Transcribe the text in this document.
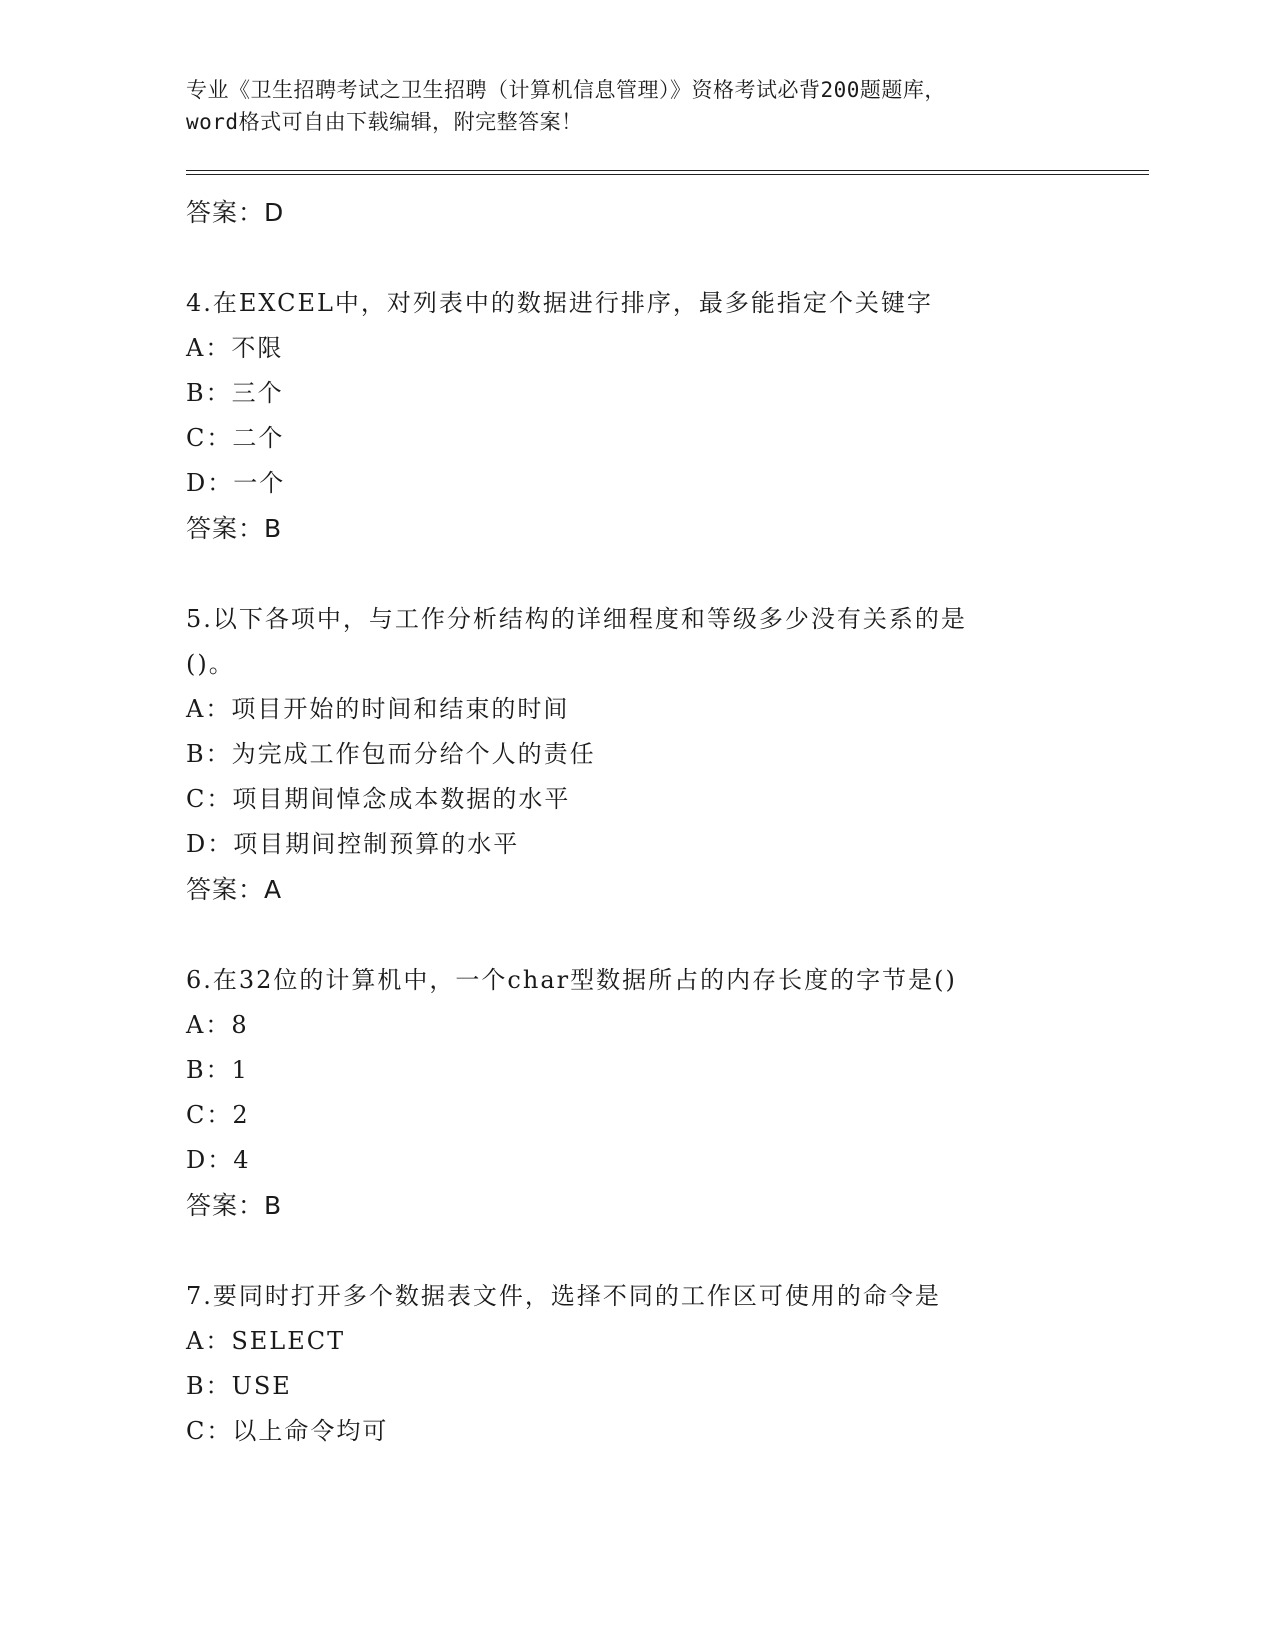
专业《卫生招聘考试之卫生招聘（计算机信息管理）》资格考试必背200题题库，
word格式可自由下载编辑，附完整答案！
答案：D
4.在EXCEL中，对列表中的数据进行排序，最多能指定个关键字
A：不限
B：三个
C：二个
D：一个
答案：B
5.以下各项中，与工作分析结构的详细程度和等级多少没有关系的是
()。
A：项目开始的时间和结束的时间
B：为完成工作包而分给个人的责任
C：项目期间悼念成本数据的水平
D：项目期间控制预算的水平
答案：A
6.在32位的计算机中，一个char型数据所占的内存长度的字节是()
A：8
B：1
C：2
D：4
答案：B
7.要同时打开多个数据表文件，选择不同的工作区可使用的命令是
A：SELECT
B：USE
C：以上命令均可
